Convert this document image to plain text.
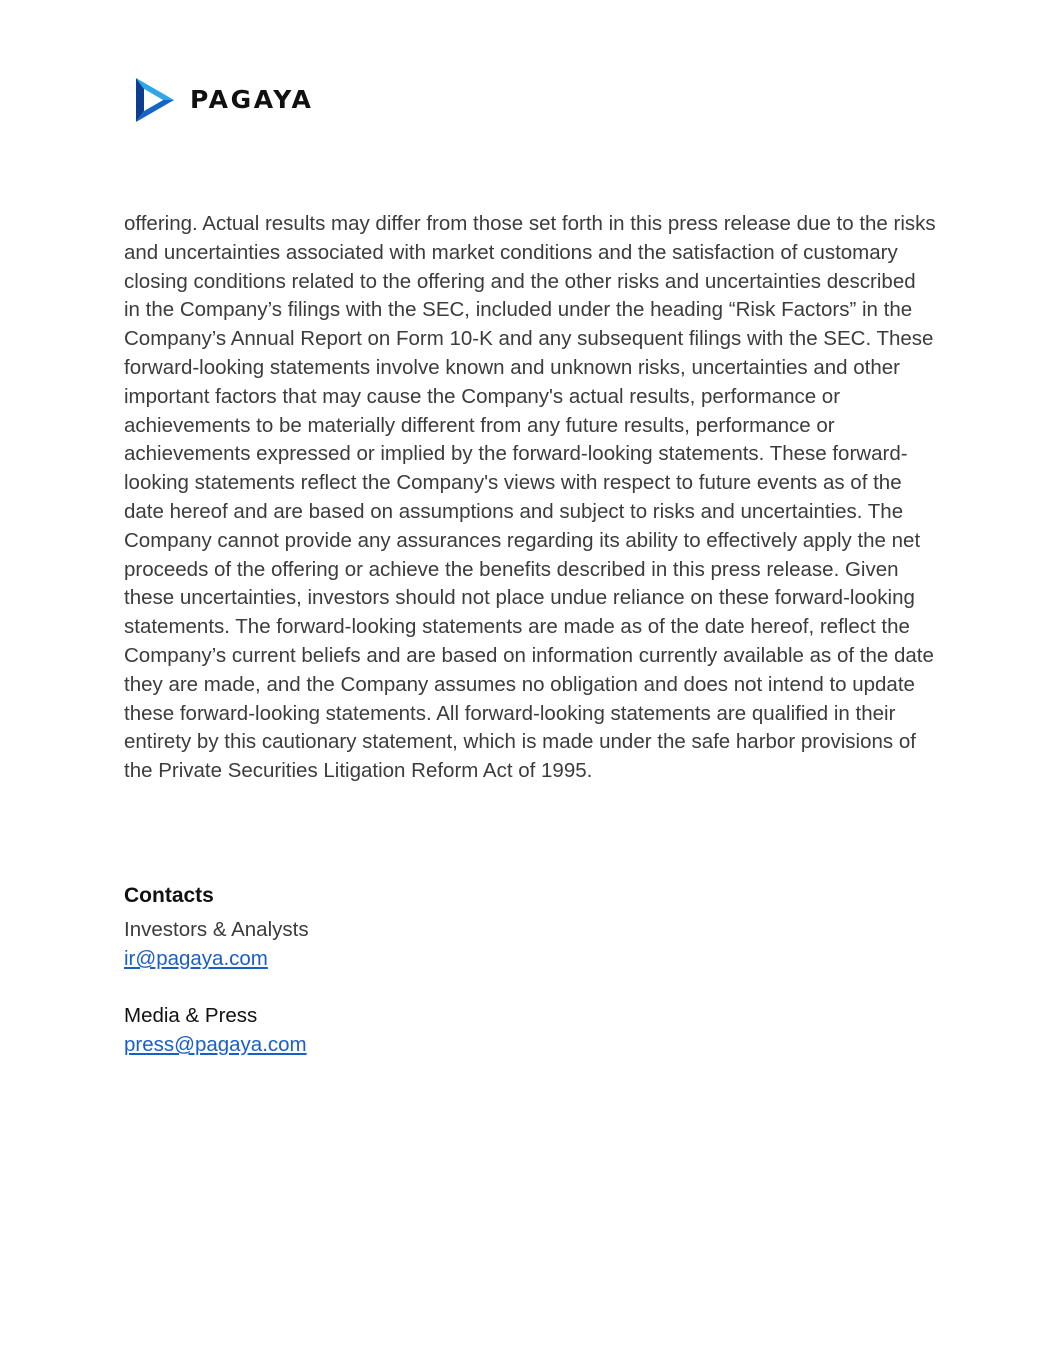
PAGAYA

offering. Actual results may differ from those set forth in this press release due to the risks and uncertainties associated with market conditions and the satisfaction of customary closing conditions related to the offering and the other risks and uncertainties described in the Company’s filings with the SEC, included under the heading “Risk Factors” in the Company’s Annual Report on Form 10-K and any subsequent filings with the SEC. These forward-looking statements involve known and unknown risks, uncertainties and other important factors that may cause the Company's actual results, performance or achievements to be materially different from any future results, performance or achievements expressed or implied by the forward-looking statements. These forward-looking statements reflect the Company's views with respect to future events as of the date hereof and are based on assumptions and subject to risks and uncertainties. The Company cannot provide any assurances regarding its ability to effectively apply the net proceeds of the offering or achieve the benefits described in this press release. Given these uncertainties, investors should not place undue reliance on these forward-looking statements. The forward-looking statements are made as of the date hereof, reflect the Company’s current beliefs and are based on information currently available as of the date they are made, and the Company assumes no obligation and does not intend to update these forward-looking statements. All forward-looking statements are qualified in their entirety by this cautionary statement, which is made under the safe harbor provisions of the Private Securities Litigation Reform Act of 1995.

Contacts
Investors & Analysts
ir@pagaya.com
Media & Press
press@pagaya.com
